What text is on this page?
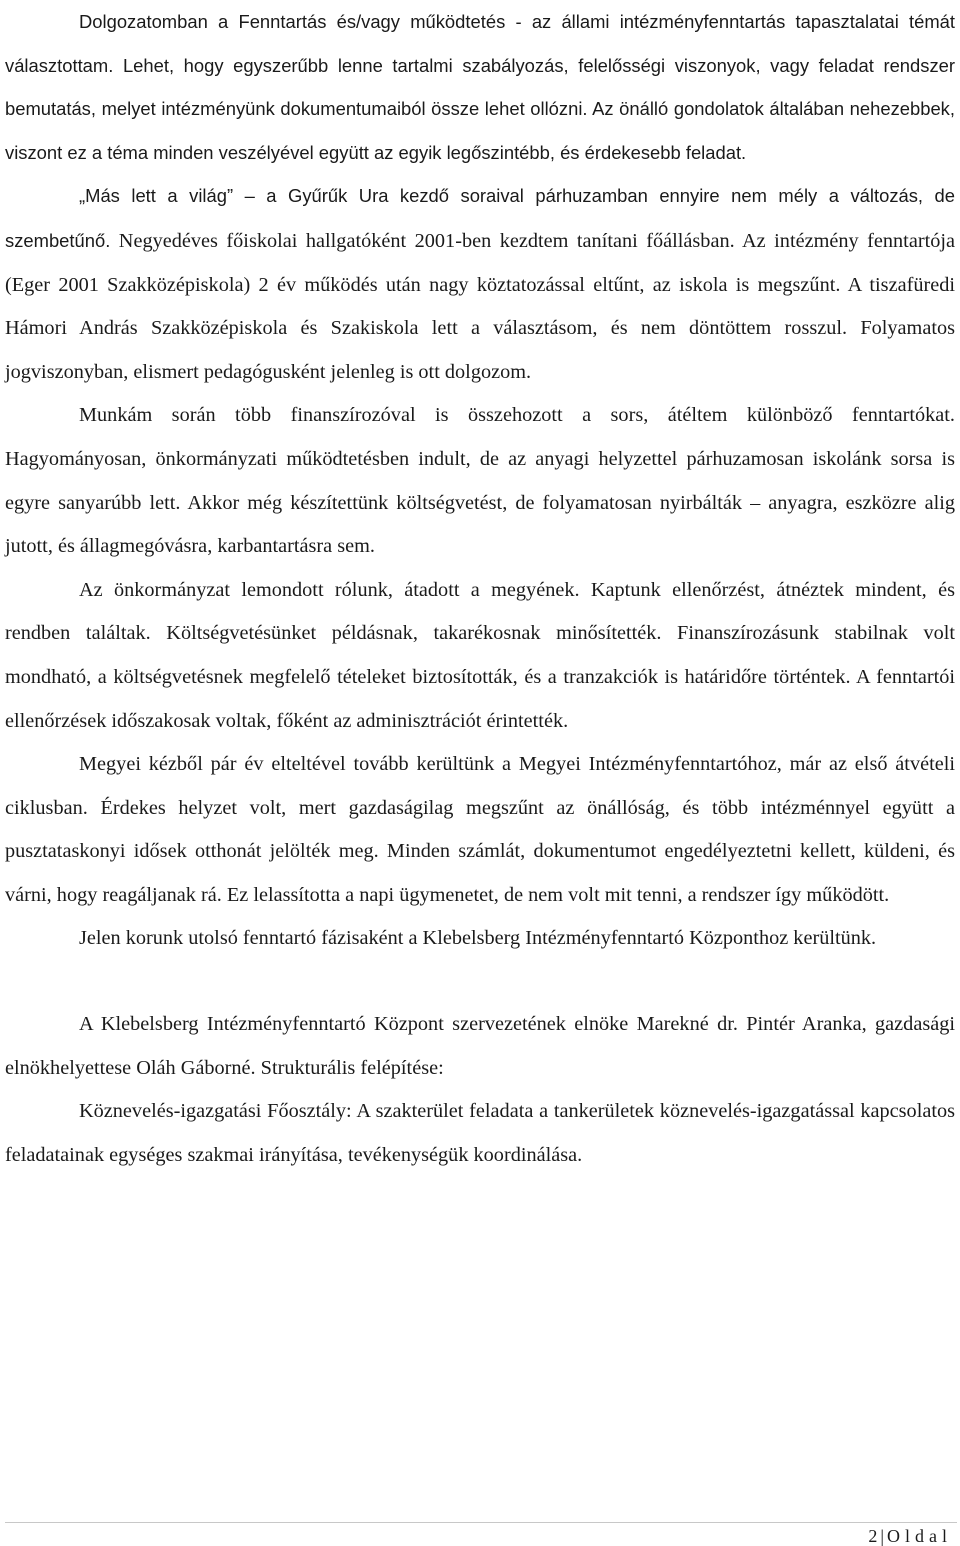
Dolgozatomban a Fenntartás és/vagy működtetés - az állami intézményfenntartás tapasztalatai témát választottam. Lehet, hogy egyszerűbb lenne tartalmi szabályozás, felelősségi viszonyok, vagy feladat rendszer bemutatás, melyet intézményünk dokumentumaiból össze lehet ollózni. Az önálló gondolatok általában nehezebbek, viszont ez a téma minden veszélyével együtt az egyik legőszintébb, és érdekesebb feladat.

„Más lett a világ” – a Gyűrűk Ura kezdő soraival párhuzamban ennyire nem mély a változás, de szembetűnő. Negyedéves főiskolai hallgatóként 2001-ben kezdtem tanítani főállásban. Az intézmény fenntartója (Eger 2001 Szakközépiskola) 2 év működés után nagy köztatozással eltűnt, az iskola is megszűnt. A tiszafüredi Hámori András Szakközépiskola és Szakiskola lett a választásom, és nem döntöttem rosszul. Folyamatos jogviszonyban, elismert pedagógusként jelenleg is ott dolgozom.

Munkám során több finanszírozóval is összehozott a sors, átéltem különböző fenntartókat. Hagyományosan, önkormányzati működtetésben indult, de az anyagi helyzettel párhuzamosan iskolánk sorsa is egyre sanyarúbb lett. Akkor még készítettünk költségvetést, de folyamatosan nyirbálták – anyagra, eszközre alig jutott, és állagmegóvásra, karbantartásra sem.

Az önkormányzat lemondott rólunk, átadott a megyének. Kaptunk ellenőrzést, átnéztek mindent, és rendben találtak. Költségvetésünket példásnak, takarékosnak minősítették. Finanszírozásunk stabilnak volt mondható, a költségvetésnek megfelelő tételeket biztosították, és a tranzakciók is határidőre történtek. A fenntartói ellenőrzések időszakosak voltak, főként az adminisztrációt érintették.

Megyei kézből pár év elteltével tovább kerültünk a Megyei Intézményfenntartóhoz, már az első átvételi ciklusban. Érdekes helyzet volt, mert gazdaságilag megszűnt az önállóság, és több intézménnyel együtt a pusztataskonyi idősek otthonát jelölték meg. Minden számlát, dokumentumot engedélyeztetni kellett, küldeni, és várni, hogy reagáljanak rá. Ez lelassította a napi ügymenetet, de nem volt mit tenni, a rendszer így működött.

Jelen korunk utolsó fenntartó fázisaként a Klebelsberg Intézményfenntartó Központhoz kerültünk.

A Klebelsberg Intézményfenntartó Központ szervezetének elnöke Marekné dr. Pintér Aranka, gazdasági elnökhelyettese Oláh Gáborné. Strukturális felépítése:

Köznevelés-igazgatási Főosztály: A szakterület feladata a tankerületek köznevelés-igazgatással kapcsolatos feladatainak egységes szakmai irányítása, tevékenységük koordinálása.

2 | Oldal
